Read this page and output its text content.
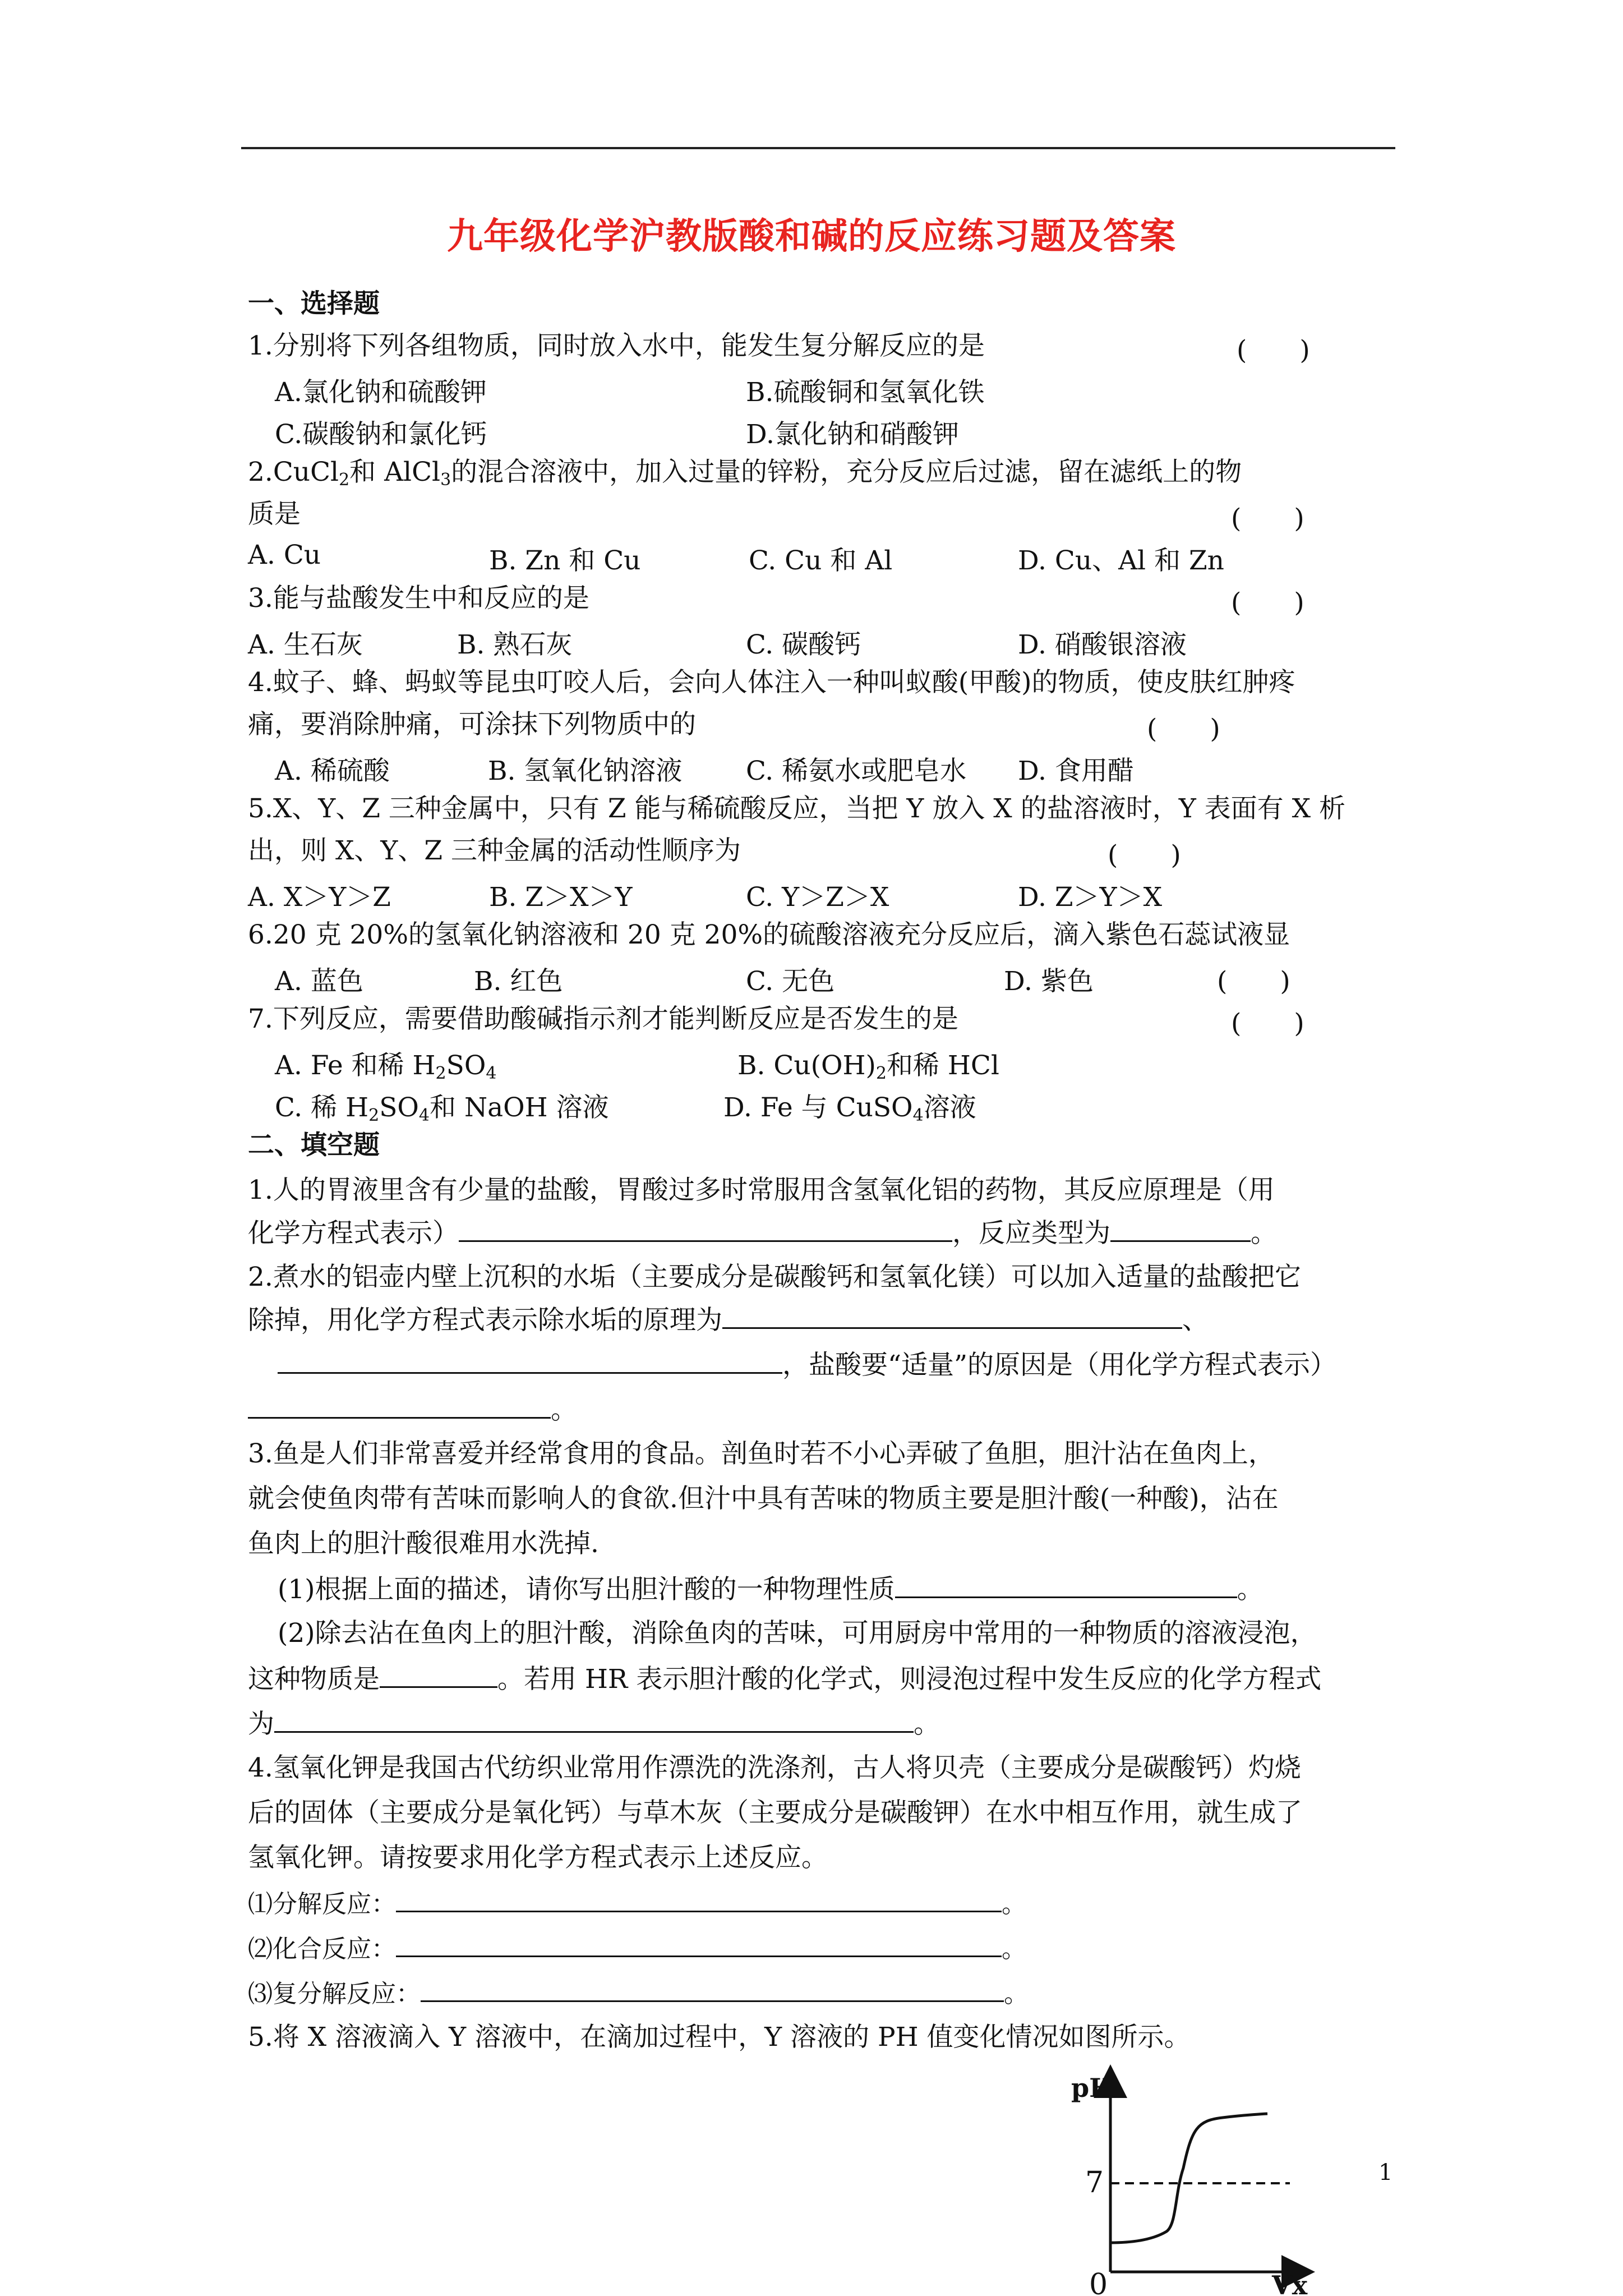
九年级化学沪教版酸和碱的反应练习题及答案
一、选择题
1.分别将下列各组物质，同时放入水中，能发生复分解反应的是	(　　)
A.氯化钠和硫酸钾	B.硫酸铜和氢氧化铁
C.碳酸钠和氯化钙	D.氯化钠和硝酸钾
2.CuCl$_2$和 AlCl$_3$的混合溶液中，加入过量的锌粉，充分反应后过滤，留在滤纸上的物
质是	(　　)
A. Cu	B. Zn 和 Cu	C. Cu 和 Al	D. Cu、Al 和 Zn
3.能与盐酸发生中和反应的是	(　　)
A. 生石灰	B. 熟石灰	C. 碳酸钙	D. 硝酸银溶液
4.蚊子、蜂、蚂蚁等昆虫叮咬人后，会向人体注入一种叫蚁酸(甲酸)的物质，使皮肤红肿疼
痛，要消除肿痛，可涂抹下列物质中的	(　　)
A. 稀硫酸	B. 氢氧化钠溶液 C. 稀氨水或肥皂水 D. 食用醋
5.X、Y、Z 三种金属中，只有 Z 能与稀硫酸反应，当把 Y 放入 X 的盐溶液时，Y 表面有 X 析
出，则 X、Y、Z 三种金属的活动性顺序为	(　　)
A. X＞Y＞Z	B. Z＞X＞Y	C. Y＞Z＞X	D. Z＞Y＞X
6.20 克 20%的氢氧化钠溶液和 20 克 20%的硫酸溶液充分反应后，滴入紫色石蕊试液显
A. 蓝色	B. 红色	C. 无色	D. 紫色	(　　)
7.下列反应，需要借助酸碱指示剂才能判断反应是否发生的是	(　　)
A. Fe 和稀 $H_2SO_4$	B. $Cu(OH)_2$和稀 HCl
C. 稀 $H_2SO_4$和 NaOH 溶液	D. Fe 与 CuSO$_4$溶液
二、填空题
1.人的胃液里含有少量的盐酸，胃酸过多时常服用含氢氧化铝的药物，其反应原理是（用
化学方程式表示）	，反应类型为	。
2.煮水的铝壶内壁上沉积的水垢（主要成分是碳酸钙和氢氧化镁）可以加入适量的盐酸把它
除掉，用化学方程式表示除水垢的原理为	、
，盐酸要“适量”的原因是（用化学方程式表示）
。
3.鱼是人们非常喜爱并经常食用的食品。剖鱼时若不小心弄破了鱼胆，胆汁沾在鱼肉上，
就会使鱼肉带有苦味而影响人的食欲.但汁中具有苦味的物质主要是胆汁酸(一种酸)，沾在
鱼肉上的胆汁酸很难用水洗掉.
(1)根据上面的描述，请你写出胆汁酸的一种物理性质	。
(2)除去沾在鱼肉上的胆汁酸，消除鱼肉的苦味，可用厨房中常用的一种物质的溶液浸泡，
这种物质是	。若用 HR 表示胆汁酸的化学式，则浸泡过程中发生反应的化学方程式
为	。
4.氢氧化钾是我国古代纺织业常用作漂洗的洗涤剂，古人将贝壳（主要成分是碳酸钙）灼烧
后的固体（主要成分是氧化钙）与草木灰（主要成分是碳酸钾）在水中相互作用，就生成了
氢氧化钾。请按要求用化学方程式表示上述反应。
⑴分解反应：	。
⑵化合反应：	。
⑶复分解反应：	。
5.将 X 溶液滴入 Y 溶液中，在滴加过程中，Y 溶液的 PH 值变化情况如图所示。
pH
7
0	Vx
1
